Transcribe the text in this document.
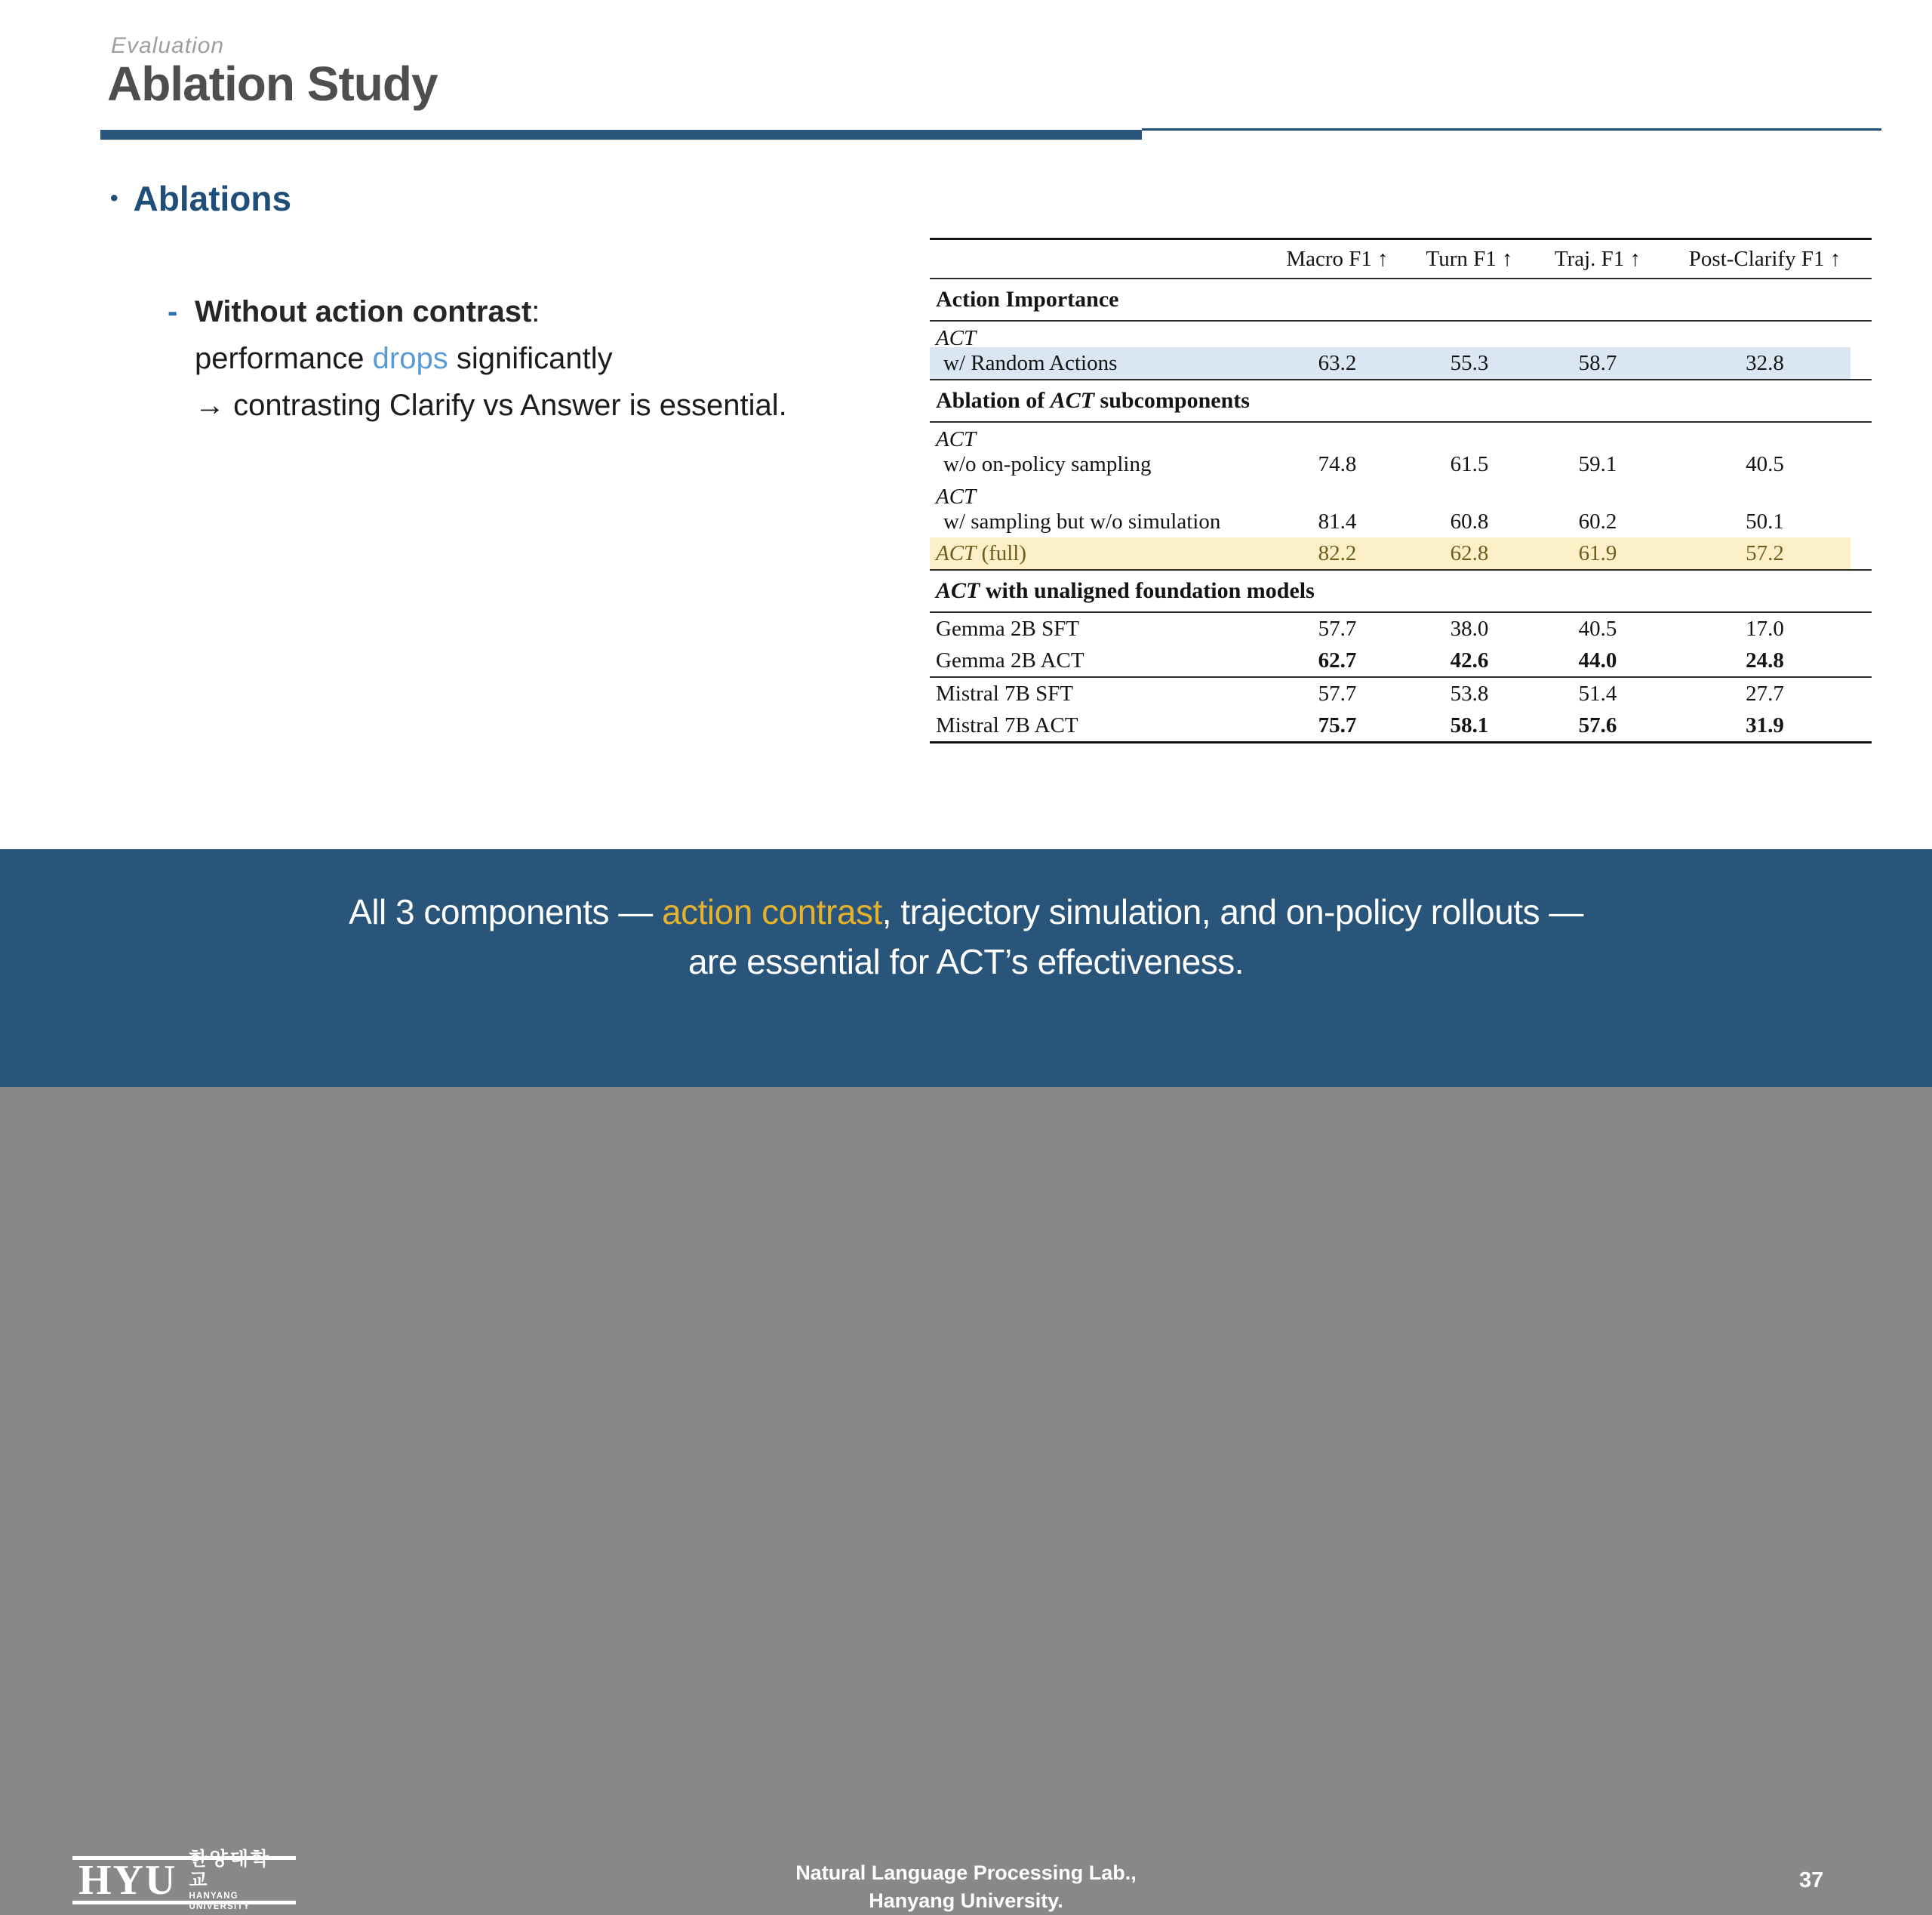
Evaluation
Ablation Study
• Ablations
- Without action contrast:
performance drops significantly
→ contrasting Clarify vs Answer is essential.
Macro F1 ↑	Turn F1 ↑	Traj. F1 ↑	Post-Clarify F1 ↑
Action Importance
ACT
w/ Random Actions	63.2	55.3	58.7	32.8
Ablation of ACT subcomponents
ACT
w/o on-policy sampling	74.8	61.5	59.1	40.5
ACT
w/ sampling but w/o simulation	81.4	60.8	60.2	50.1
ACT (full)	82.2	62.8	61.9	57.2
ACT with unaligned foundation models
Gemma 2B SFT	57.7	38.0	40.5	17.0
Gemma 2B ACT	62.7	42.6	44.0	24.8
Mistral 7B SFT	57.7	53.8	51.4	27.7
Mistral 7B ACT	75.7	58.1	57.6	31.9
All 3 components — action contrast, trajectory simulation, and on-policy rollouts —
are essential for ACT’s effectiveness.
HYU 한양대학교
HANYANG UNIVERSITY
Natural Language Processing Lab.,
Hanyang University.
37
